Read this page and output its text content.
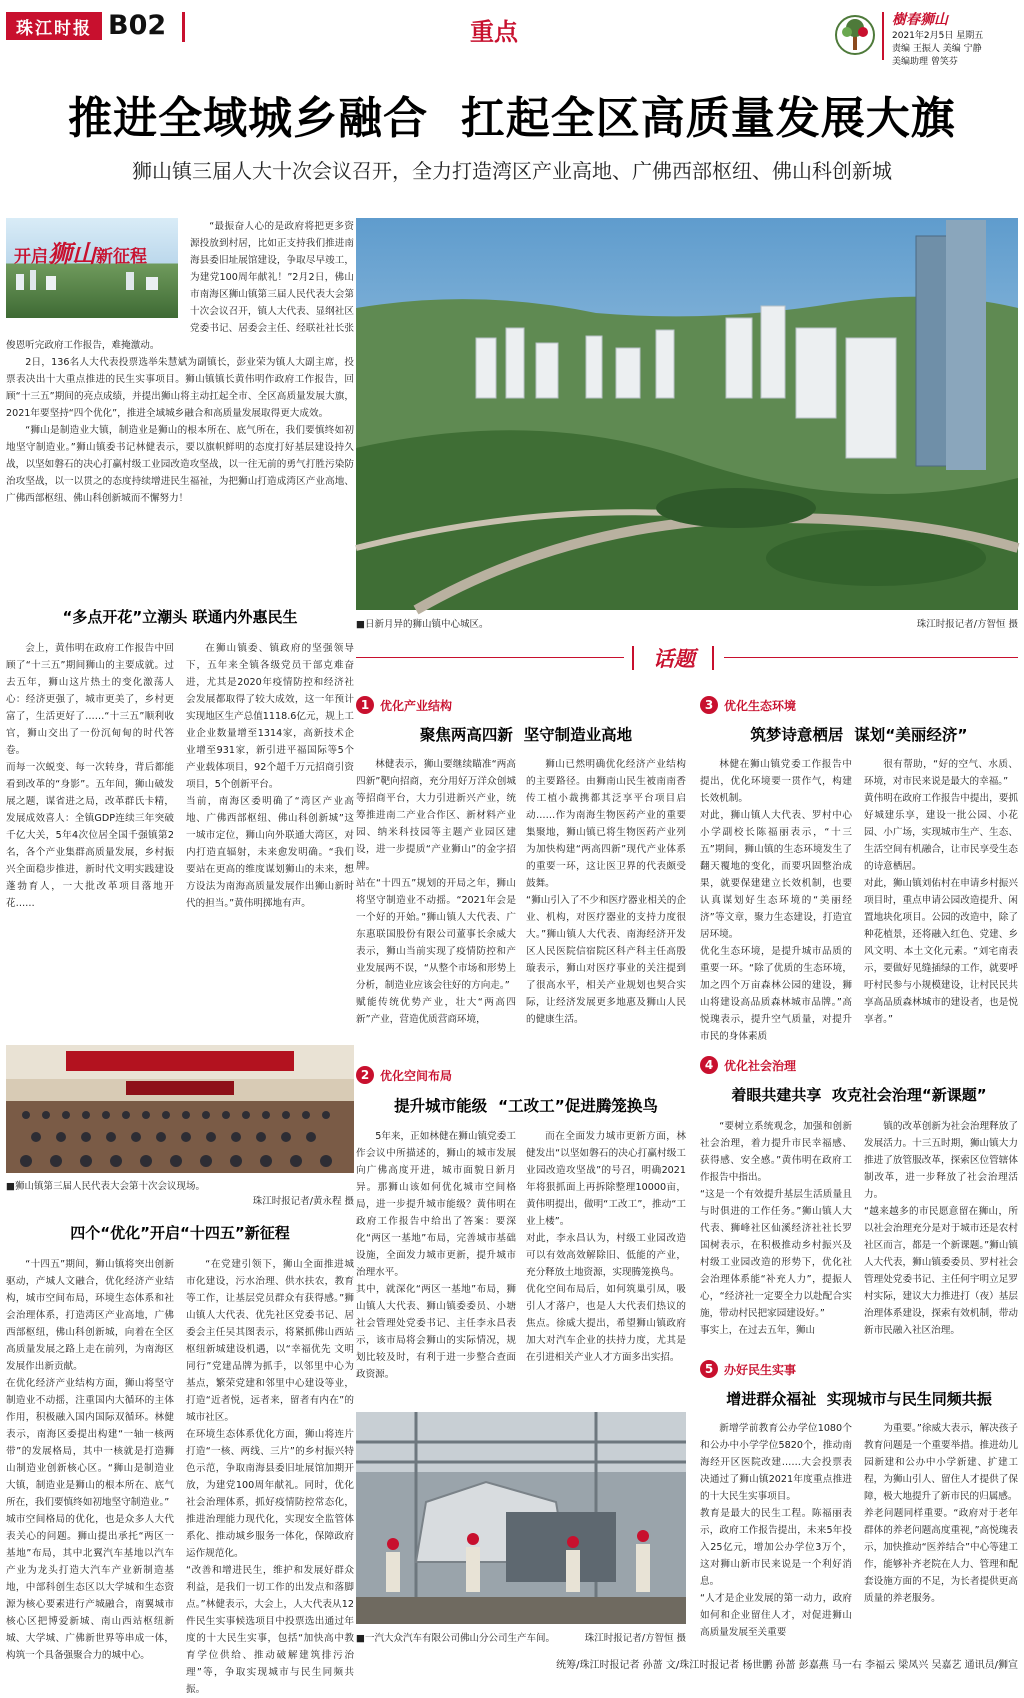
珠江时报 B02	重点	樹春狮山
2021年2月5日 星期五
责编 王振人 美编 宁静
美编助理 曾笑芬
推进全域城乡融合  扛起全区高质量发展大旗
狮山镇三届人大十次会议召开，全力打造湾区产业高地、广佛西部枢纽、佛山科创新城
开启狮山新征程
“最振奋人心的是政府将把更多资源投放到村居，比如正支持我们推进南海县委旧址展馆建设，争取尽早竣工，为建党100周年献礼！”2月2日，佛山市南海区狮山镇第三届人民代表大会第十次会议召开，镇人大代表、显纲社区党委书记、居委会主任、经联社社长张俊恩听完政府工作报告，难掩激动。
2日，136名人大代表投票选举朱慧斌为副镇长，彭业荣为镇人大副主席，投票表决出十大重点推进的民生实事项目。狮山镇镇长黄伟明作政府工作报告，回顾“十三五”期间的亮点成绩，并提出狮山将主动扛起全市、全区高质量发展大旗，2021年要坚持“四个优化”，推进全域城乡融合和高质量发展取得更大成效。
“狮山是制造业大镇，制造业是狮山的根本所在、底气所在，我们要慎终如初地坚守制造业。”狮山镇委书记林健表示，要以旗帜鲜明的态度打好基层建设持久战，以坚如磐石的决心打赢村级工业园改造攻坚战，以一往无前的勇气打胜污染防治攻坚战，以一以贯之的态度持续增进民生福祉，为把狮山打造成湾区产业高地、广佛西部枢纽、佛山科创新城而不懈努力！
“多点开花”立潮头 联通内外惠民生
会上，黄伟明在政府工作报告中回顾了“十三五”期间狮山的主要成就。过去五年，狮山这片热土的变化激荡人心：经济更强了，城市更美了，乡村更富了，生活更好了……“十三五”顺利收官，狮山交出了一份沉甸甸的时代答卷。
而每一次蜕变、每一次转身，背后都能看到改革的“身影”。五年间，狮山破发展之题，谋省进之局，改革群氏卡精，发展成效喜人：全镇GDP连续三年突破千亿大关，5年4次位居全国千强镇第2名，各个产业集群高质量发展，乡村振兴全面稳步推进，新时代文明实践建设蓬勃育人，一大批改革项目落地开花……
在狮山镇委、镇政府的坚强领导下，五年来全镇各级党员干部克难奋进，尤其是2020年疫情防控和经济社会发展都取得了较大成效，这一年预计实现地区生产总值1118.6亿元，规上工业企业数量增至1314家，高新技术企业增至931家，新引进平福国际等5个产业载体项目，92个超千万元招商引资项目，5个创新平台。
当前，南海区委明确了“湾区产业高地、广佛西部枢纽、佛山科创新城”这一城市定位，狮山向外联通大湾区，对内打造直辐射，未来愈发明确。“我们要站在更高的维度谋划狮山的未来，想方设法为南海高质量发展作出狮山新时代的担当。”黄伟明掷地有声。
■狮山镇第三届人民代表大会第十次会议现场。
珠江时报记者/黄永程 摄
四个“优化”开启“十四五”新征程
“十四五”期间，狮山镇将突出创新驱动，产城人文融合，优化经济产业结构，城市空间布局，环境生态体系和社会治理体系，打造湾区产业高地，广佛西部枢纽，佛山科创新城，向着在全区高质量发展之路上走在前列，为南海区发展作出新贡献。
在优化经济产业结构方面，狮山将坚守制造业不动摇，注重国内大循环的主体作用，积极融入国内国际双循环。林健表示，南海区委提出构建“一轴一核两带”的发展格局，其中一核就是打造狮山制造业创新核心区。“狮山是制造业大镇，制造业是狮山的根本所在、底气所在，我们要慎终如初地坚守制造业。”
城市空间格局的优化，也是众多人大代表关心的问题。狮山提出承托“两区一基地”布局，其中北翼汽车基地以汽车产业为龙头打造大汽车产业新制造基地，中部科创生态区以大学城和生态资源为核心要素进行产城融合，南翼城市核心区把博爱新城、南山西站枢纽新城、大学城、广佛新世界等串成一体，构筑一个具备强聚合力的城中心。
“在党建引领下，狮山全面推进城市化建设，污水治理、供水扶农，教育等工作，让基层党员群众有获得感。”狮山镇人大代表、优先社区党委书记、居委会主任吴其图表示，将紧抓佛山西站枢纽新城建设机遇，以“幸福优先 文明同行”党建品牌为抓手，以邻里中心为基点，繁荣党建和邻里中心建设等业，打造“近者悦，远者来，留者有内在”的城市社区。
在环境生态体系优化方面，狮山将连片打造“一核、两线、三片”的乡村振兴特色示范，争取南海县委旧址展馆加期开放，为建党100周年献礼。同时，优化社会治理体系，抓好疫情防控常态化，推进治理能力现代化，实现安全监管体系化、推动城乡服务一体化，保障政府运作规范化。
“改善和增进民生，维护和发展好群众利益，是我们一切工作的出发点和落脚点。”林健表示，大会上，人大代表从12件民生实事候选项目中投票选出通过年度的十大民生实事，包括“加快高中教育学位供给、推动破解建筑排污治理”等，争取实现城市与民生同频共振。
■日新月异的狮山镇中心城区。	珠江时报记者/方智恒 摄
话题
1 优化产业结构
聚焦两高四新  坚守制造业高地
林健表示，狮山要继续瞄准“两高四新”靶向招商，充分用好万洋众创城等招商平台，大力引进新兴产业，统筹推进南二产业合作区、新材料产业园、纳米科技园等主题产业园区建设，进一步提质“产业狮山”的金字招牌。
站在“十四五”规划的开局之年，狮山将坚守制造业不动摇。“2021年会是一个好的开始。”狮山镇人大代表、广东惠联国股份有限公司董事长余威大表示，狮山当前实现了疫情防控和产业发展两不误，“从整个市场和形势上分析，制造业应该会往好的方向走。”
赋能传统优势产业，壮大“两高四新”产业，营造优质营商环境，
狮山已然明确优化经济产业结构的主要路径。由狮南山民生被南南香传工植小裁携都其泛享平台项目启动……作为南海生物医药产业的重要集聚地，狮山镇已将生物医药产业列为加快构建“两高四新”现代产业体系的重要一环，这让医卫界的代表颇受鼓舞。
“狮山引入了不少和医疗器业相关的企业、机构，对医疗器业的支持力度很大。”狮山镇人大代表、南海经济开发区人民医院信宿院区科产科主任高殷璇表示，狮山对医疗事业的关注提到了很高水平，相关产业规划也契合实际，让经济发展更多地惠及狮山人民的健康生活。
3 优化生态环境
筑梦诗意栖居  谋划“美丽经济”
林健在狮山镇党委工作报告中提出，优化环境要一贯作气，构建长效机制。
对此，狮山镇人大代表、罗村中心小学副校长陈福丽表示，“十三五”期间，狮山镇的生态环境发生了翻天覆地的变化，而要巩固整治成果，就要保建建立长效机制，也要认真谋划好生态环境的“美丽经济”等文章，聚力生态建设，打造宜居环境。
优化生态环境，是提升城市品质的重要一环。“除了优质的生态环境，加之四个万亩森林公园的建设，狮山将建设高品质森林城市品牌。”高悦瑰表示，提升空气质量，对提升市民的身体素质
很有帮助，“好的空气、水质、环境，对市民来说是最大的幸福。”
黄伟明在政府工作报告中提出，要抓好城建乐享，建设一批公园、小花园、小广场，实现城市生产、生态、生活空间有机融合，让市民享受生态的诗意栖居。
对此，狮山镇刘佑村在申请乡村振兴项目时，重点申请公园改造提升、闲置地块化项目。公园的改造中，除了种花植景，还将融入红色、党建、乡风文明、本土文化元素。“刘宅南表示，要做好见缝插绿的工作，就要呼吁村民参与小规模建设，让村民民共享高品质森林城市的建设者，也是悦享者。”
2 优化空间布局
提升城市能级  “工改工”促进腾笼换鸟
5年来，正如林健在狮山镇党委工作会议中所描述的，狮山的城市发展向广佛高度开进，城市面貌日新月异。那狮山该如何优化城市空间格局，进一步提升城市能级？黄伟明在政府工作报告中给出了答案：要深化“两区一基地”布局，完善城市基础设施，全面发力城市更新，提升城市治理水平。
其中，就深化“两区一基地”布局，狮山镇人大代表、狮山镇委委员、小塘社会管理处党委书记、主任李永昌表示，该市局将会狮山的实际情况，规划比较及时，有利于进一步整合查面政资源。
而在全面发力城市更新方面，林健发出“以坚如磐石的决心打赢村级工业园改造攻坚战”的号召，明确2021年将狠抓面上再拆除整理10000亩，黄伟明提出，做明“工改工”，推动“工业上楼”。
对此，李永昌认为，村级工业园改造可以有效高效解除旧、低能的产业，充分释放土地资源，实现腾笼换鸟。
优化空间布局后，如何筑巢引凤，吸引人才落户，也是人大代表们热议的焦点。徐威大提出，希望狮山镇政府加大对汽车企业的扶持力度，尤其是在引进相关产业人才方面多出实招。
4 优化社会治理
着眼共建共享  攻克社会治理“新课题”
“要树立系统观念，加强和创新社会治理，着力提升市民幸福感、获得感、安全感。”黄伟明在政府工作报告中指出。
“这是一个有效提升基层生活质量且与时俱进的工作任务。”狮山镇人大代表、狮峰社区仙溪经济社社长罗国树表示，在积极推动乡村振兴及村级工业园改造的形势下，优化社会治理体系能“补充人力”，提振人心，“经济社一定要全力以赴配合实施，带动村民把家园建设好。”
事实上，在过去五年，狮山
镇的改革创新为社会治理释放了发展活力。十三五时期，狮山镇大力推进了放管服改革，探索区位管辖体制改革，进一步释放了社会治理活力。
“越来越多的市民愿意留在狮山，所以社会治理充分是对于城市还是农村社区而言，都是一个新课题。”狮山镇人大代表，狮山镇委委员、罗村社会管理处党委书记、主任何宇明立足罗村实际，建议大力推进打（夜）基层治理体系建设，探索有效机制，带动新市民融入社区治理。
5 办好民生实事
增进群众福祉  实现城市与民生同频共振
新增学前教育公办学位1080个和公办中小学学位5820个，推动南海经开区医院改建……大会投票表决通过了狮山镇2021年度重点推进的十大民生实事项目。
教育是最大的民生工程。陈福丽表示，政府工作报告提出，未来5年投入25亿元，增加公办学位3万个，这对狮山新市民来说是一个利好消息。
“人才是企业发展的第一动力，政府如何和企业留住人才，对促进狮山高质量发展至关重要
为重要。”徐威大表示，解决孩子教育问题是一个重要举措。推进幼儿园新建和公办中小学新建、扩建工程，为狮山引人、留住人才提供了保障，极大地提升了新市民的归属感。
养老问题同样重要。“政府对于老年群体的养老问题高度重视，”高悦瑰表示，加快推动“医养结合”中心等建工作，能够补齐老院在人力、管理和配套设施方面的不足，为长者提供更高质量的养老服务。
■一汽大众汽车有限公司佛山分公司生产车间。	珠江时报记者/方智恒 摄
统筹/珠江时报记者 孙蔷 文/珠江时报记者 杨世鹏 孙蔷 彭嘉燕 马一右 李福云 梁凤兴 吴嘉艺 通讯员/狮宣
